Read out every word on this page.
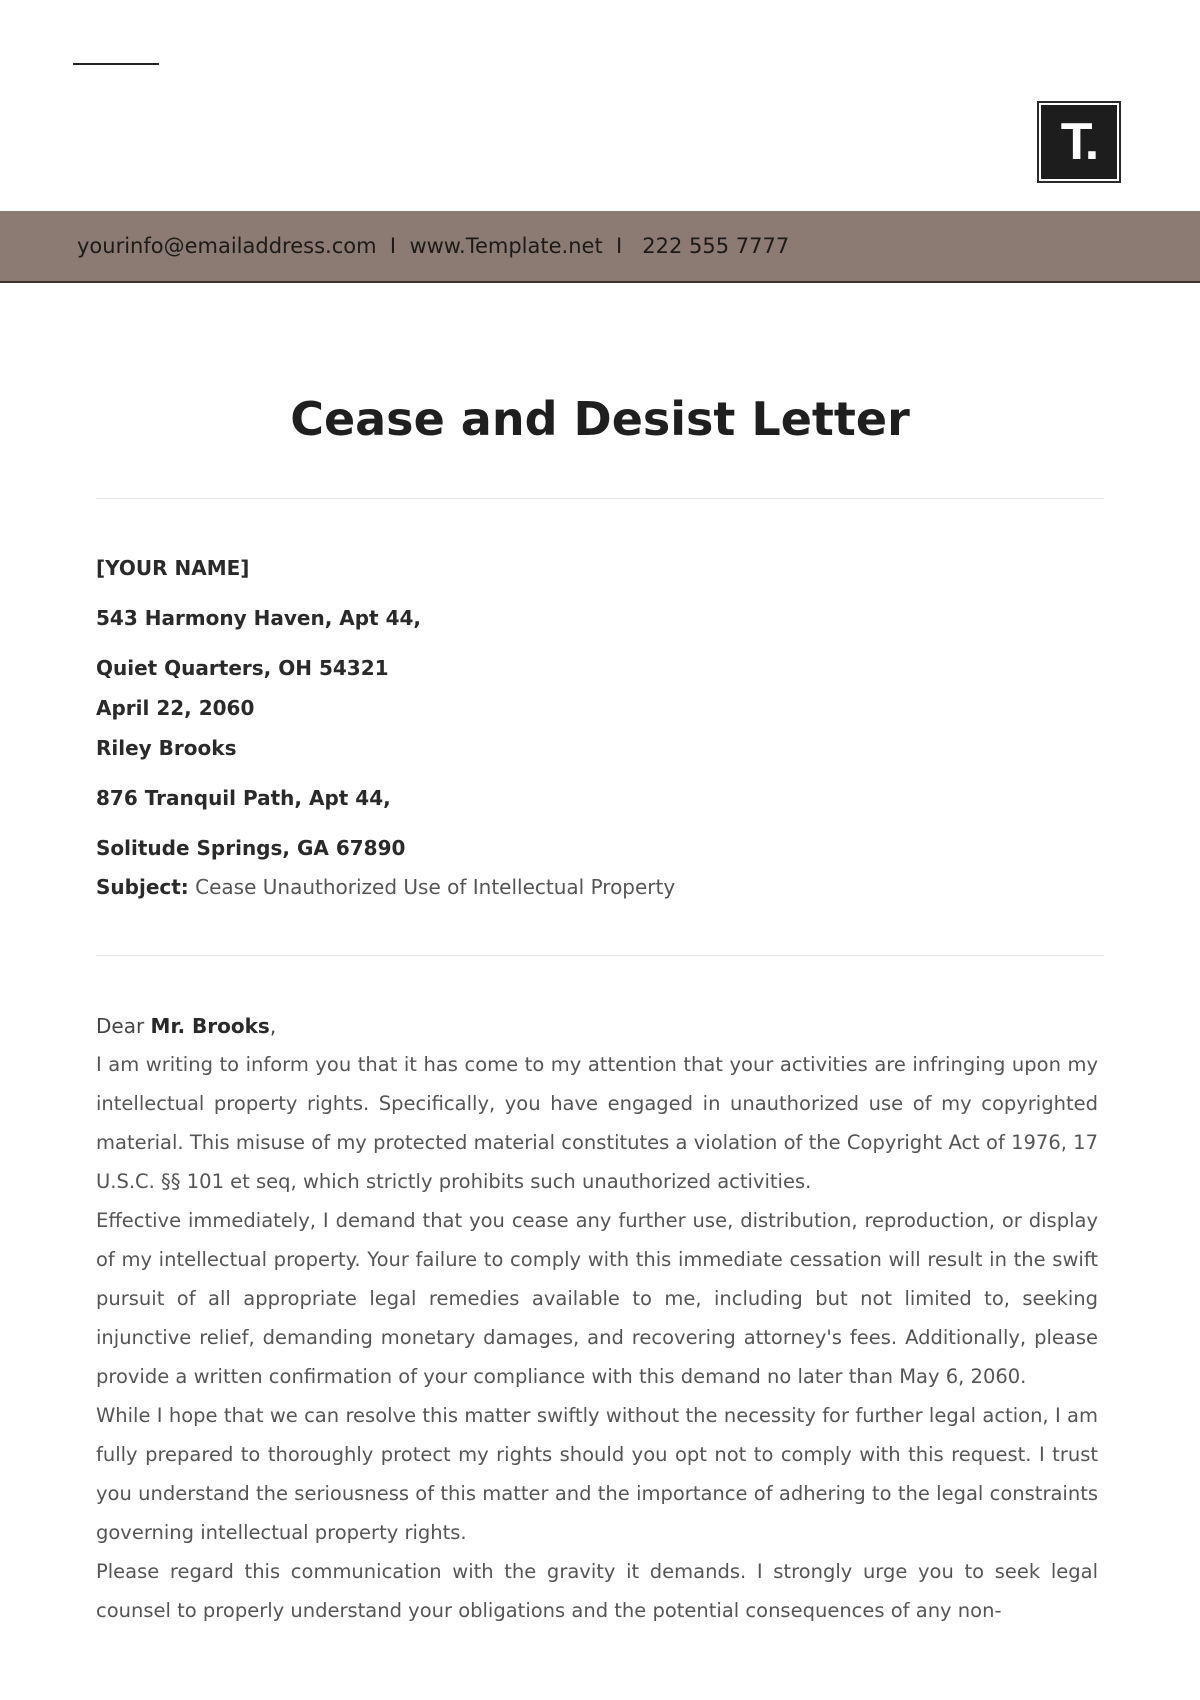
T.
yourinfo@emailaddress.com  I  www.Template.net  I   222 555 7777
Cease and Desist Letter
[YOUR NAME]
543 Harmony Haven, Apt 44,
Quiet Quarters, OH 54321
April 22, 2060
Riley Brooks
876 Tranquil Path, Apt 44,
Solitude Springs, GA 67890
Subject: Cease Unauthorized Use of Intellectual Property
Dear Mr. Brooks,

I am writing to inform you that it has come to my attention that your activities are infringing upon my intellectual property rights. Specifically, you have engaged in unauthorized use of my copyrighted material. This misuse of my protected material constitutes a violation of the Copyright Act of 1976, 17 U.S.C. §§ 101 et seq, which strictly prohibits such unauthorized activities.

Effective immediately, I demand that you cease any further use, distribution, reproduction, or display of my intellectual property. Your failure to comply with this immediate cessation will result in the swift pursuit of all appropriate legal remedies available to me, including but not limited to, seeking injunctive relief, demanding monetary damages, and recovering attorney's fees. Additionally, please provide a written confirmation of your compliance with this demand no later than May 6, 2060.

While I hope that we can resolve this matter swiftly without the necessity for further legal action, I am fully prepared to thoroughly protect my rights should you opt not to comply with this request. I trust you understand the seriousness of this matter and the importance of adhering to the legal constraints governing intellectual property rights.

Please regard this communication with the gravity it demands. I strongly urge you to seek legal counsel to properly understand your obligations and the potential consequences of any non-
